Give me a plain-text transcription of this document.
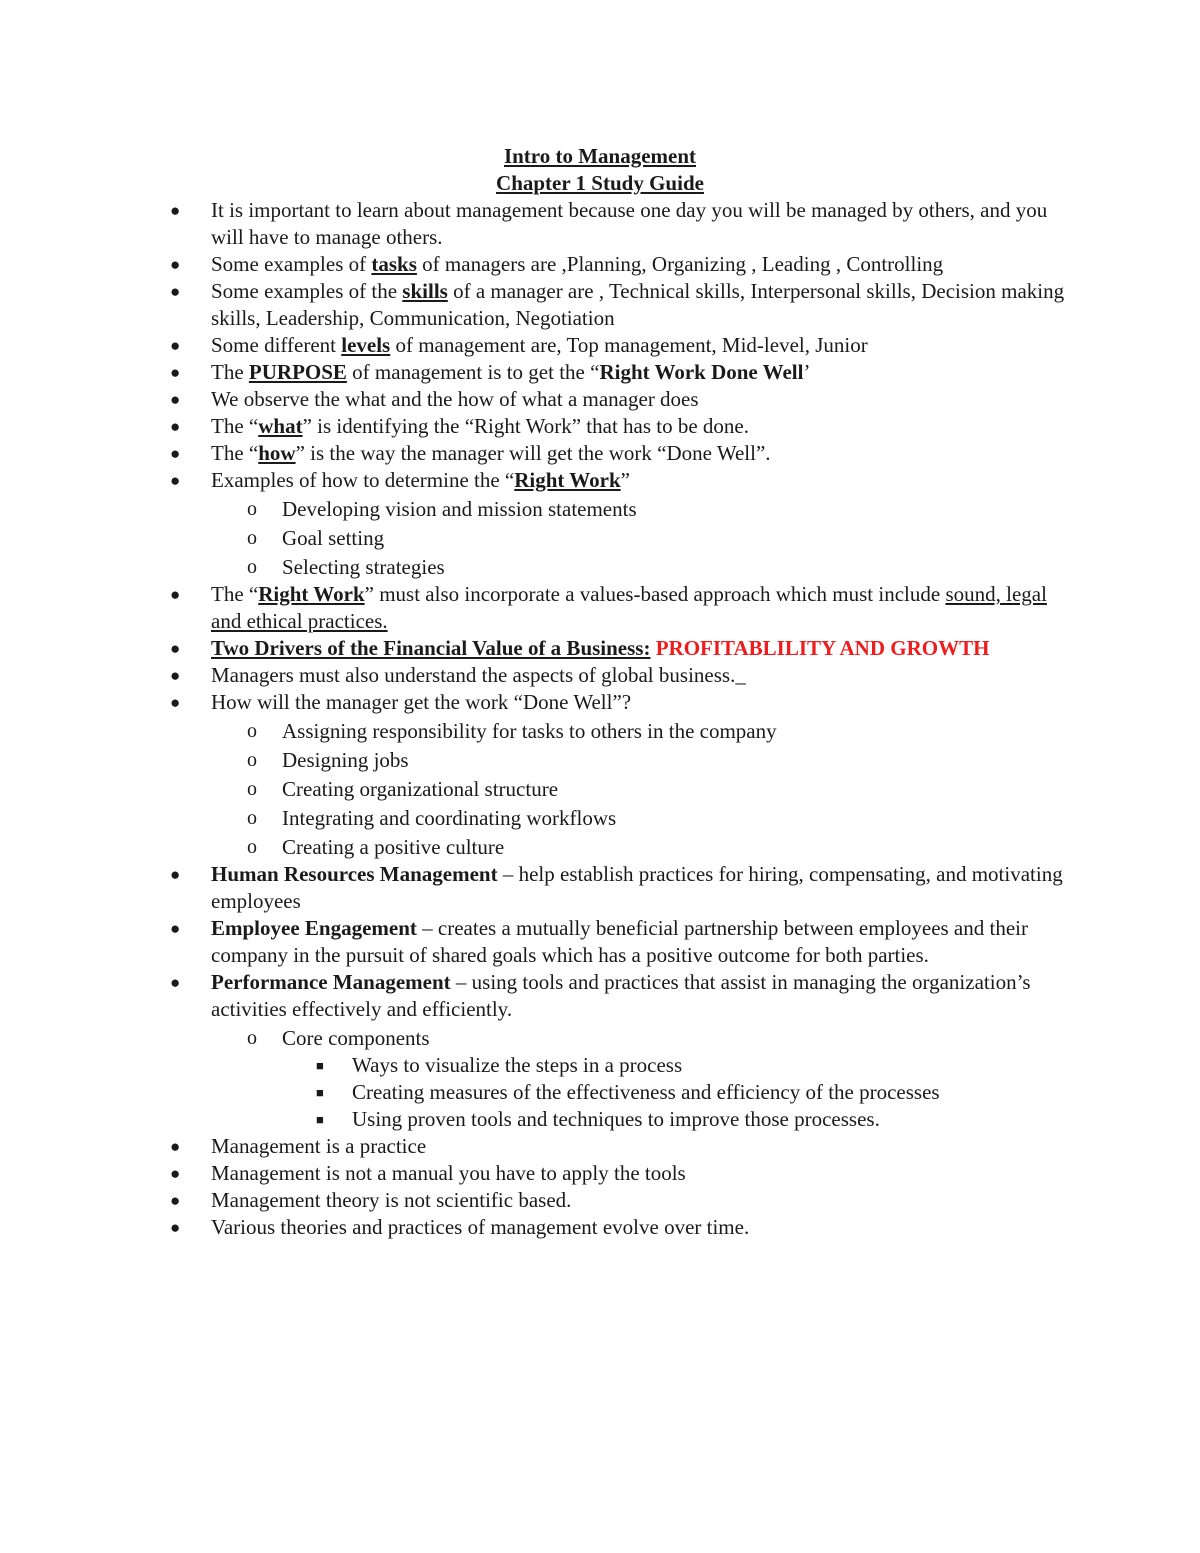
Intro to Management

Chapter 1 Study Guide

● It is important to learn about management because one day you will be managed by others, and you will have to manage others.
● Some examples of tasks of managers are ,Planning, Organizing , Leading , Controlling
● Some examples of the skills of a manager are , Technical skills, Interpersonal skills, Decision making skills, Leadership, Communication, Negotiation
● Some different levels of management are, Top management, Mid-level, Junior
● The PURPOSE of management is to get the “Right Work Done Well’
● We observe the what and the how of what a manager does
● The “what” is identifying the “Right Work” that has to be done.
● The “how” is the way the manager will get the work “Done Well”.
● Examples of how to determine the “Right Work”
o Developing vision and mission statements
o Goal setting
o Selecting strategies
● The “Right Work” must also incorporate a values-based approach which must include sound, legal and ethical practices.
● Two Drivers of the Financial Value of a Business: PROFITABLILITY AND GROWTH
● Managers must also understand the aspects of global business._
● How will the manager get the work “Done Well”?
o Assigning responsibility for tasks to others in the company
o Designing jobs
o Creating organizational structure
o Integrating and coordinating workflows
o Creating a positive culture
● Human Resources Management – help establish practices for hiring, compensating, and motivating employees
● Employee Engagement – creates a mutually beneficial partnership between employees and their company in the pursuit of shared goals which has a positive outcome for both parties.
● Performance Management – using tools and practices that assist in managing the organization’s activities effectively and efficiently.
o Core components
■ Ways to visualize the steps in a process
■ Creating measures of the effectiveness and efficiency of the processes
■ Using proven tools and techniques to improve those processes.
● Management is a practice
● Management is not a manual you have to apply the tools
● Management theory is not scientific based.
● Various theories and practices of management evolve over time.
